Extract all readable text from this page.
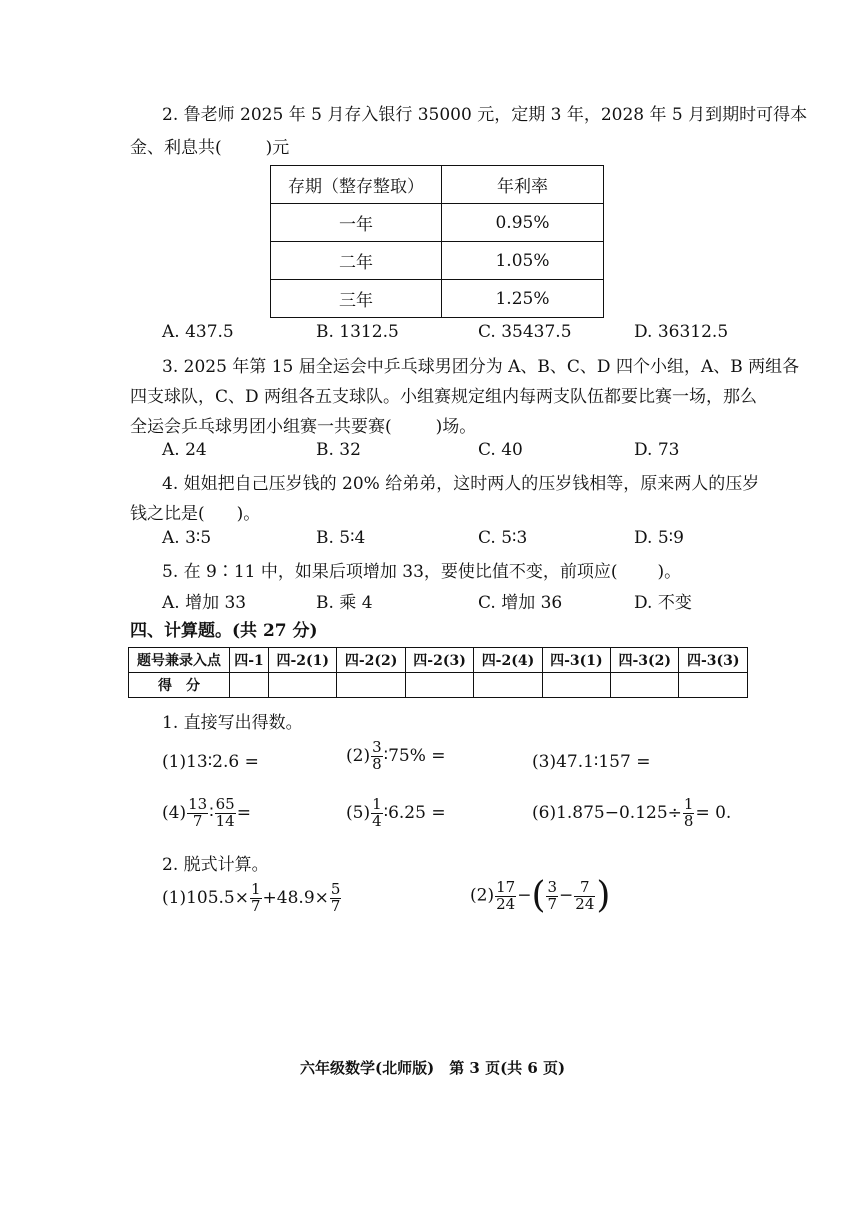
2. 鲁老师 2025 年 5 月存入银行 35000 元，定期 3 年，2028 年 5 月到期时可得本
金、利息共(	)元
存期（整存整取）	年利率
一年	0.95%
二年	1.05%
三年	1.25%
A. 437.5	B. 1312.5	C. 35437.5	D. 36312.5
3. 2025 年第 15 届全运会中乒乓球男团分为 A、B、C、D 四个小组，A、B 两组各
四支球队，C、D 两组各五支球队。小组赛规定组内每两支队伍都要比赛一场，那么
全运会乒乓球男团小组赛一共要赛(	)场。
A. 24	B. 32	C. 40	D. 73
4. 姐姐把自己压岁钱的 20% 给弟弟，这时两人的压岁钱相等，原来两人的压岁
钱之比是( )。
A. 3∶5	B. 5∶4	C. 5∶3	D. 5∶9
5. 在 9∶11 中，如果后项增加 33，要使比值不变，前项应( )。
A. 增加 33	B. 乘 4	C. 增加 36	D. 不变
四、计算题。(共 27 分)
题号兼录入点	四-1	四-2(1)	四-2(2)	四-2(3)	四-2(4)	四-3(1)	四-3(2)	四-3(3)
得　分								
1. 直接写出得数。
(1)13∶2.6 =	$(2) \frac{3}{8}$ ∶75% =	(3)47.1∶157 =
$(4) \frac{13}{7}$ ∶ $\frac{65}{14}$ =	$(5) \frac{1}{4}$ ∶6.25 =	$(6)1.875-0.125\div \frac{1}{8} = 0$.
2. 脱式计算。
$(1)105.5\times \frac{1}{7} +48.9\times \frac{5}{7}$	$(2) \frac{17}{24}$ −( $\frac{3}{7} - \frac{7}{24}$ )
六年级数学(北师版)　第 3 页(共 6 页)
